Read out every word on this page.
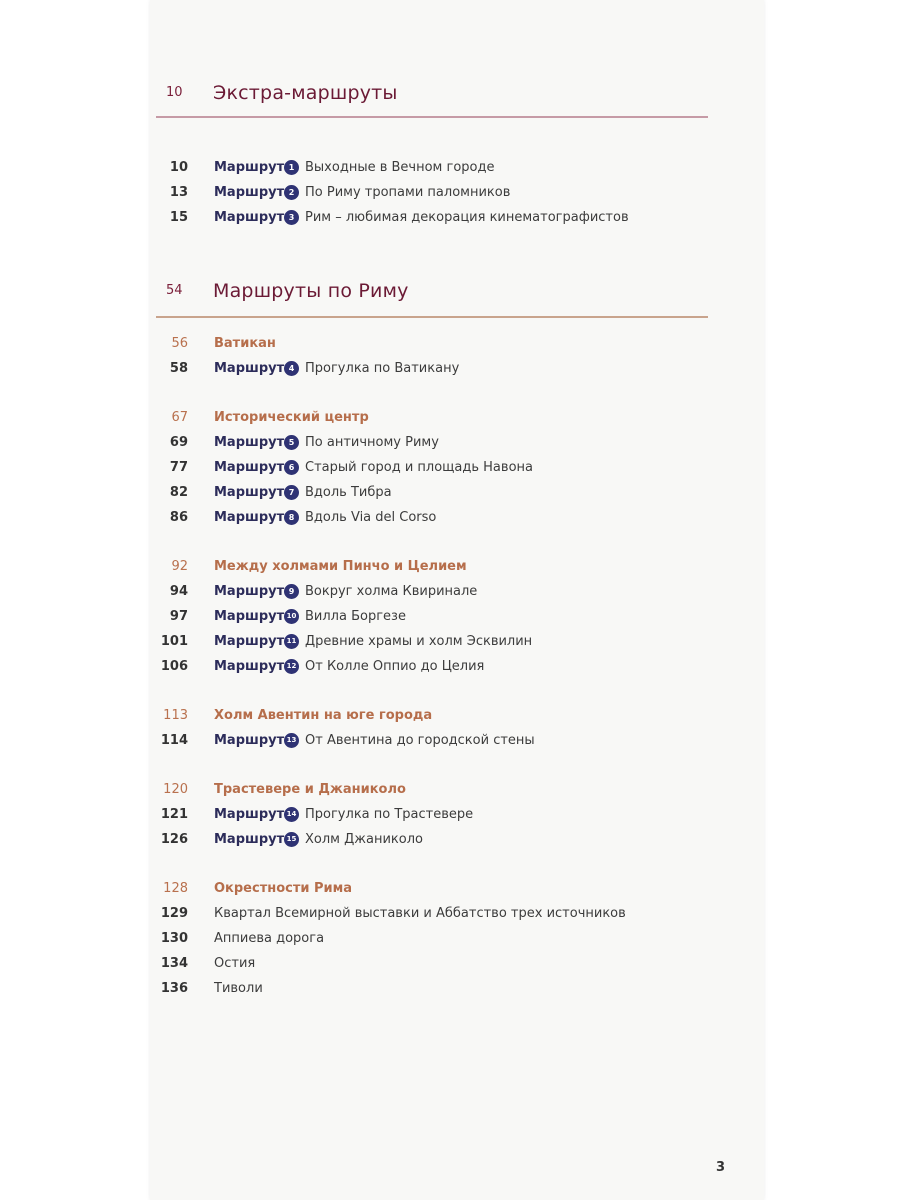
10 Экстра-маршруты
10 Маршрут 1 Выходные в Вечном городе
13 Маршрут 2 По Риму тропами паломников
15 Маршрут 3 Рим – любимая декорация кинематографистов
54 Маршруты по Риму
56 Ватикан
58 Маршрут 4 Прогулка по Ватикану
67 Исторический центр
69 Маршрут 5 По античному Риму
77 Маршрут 6 Старый город и площадь Навона
82 Маршрут 7 Вдоль Тибра
86 Маршрут 8 Вдоль Via del Corso
92 Между холмами Пинчо и Целием
94 Маршрут 9 Вокруг холма Квиринале
97 Маршрут 10 Вилла Боргезе
101 Маршрут 11 Древние храмы и холм Эсквилин
106 Маршрут 12 От Колле Оппио до Целия
113 Холм Авентин на юге города
114 Маршрут 13 От Авентина до городской стены
120 Трастевере и Джаниколо
121 Маршрут 14 Прогулка по Трастевере
126 Маршрут 15 Холм Джаниколо
128 Окрестности Рима
129 Квартал Всемирной выставки и Аббатство трех источников
130 Аппиева дорога
134 Остия
136 Тиволи
3
